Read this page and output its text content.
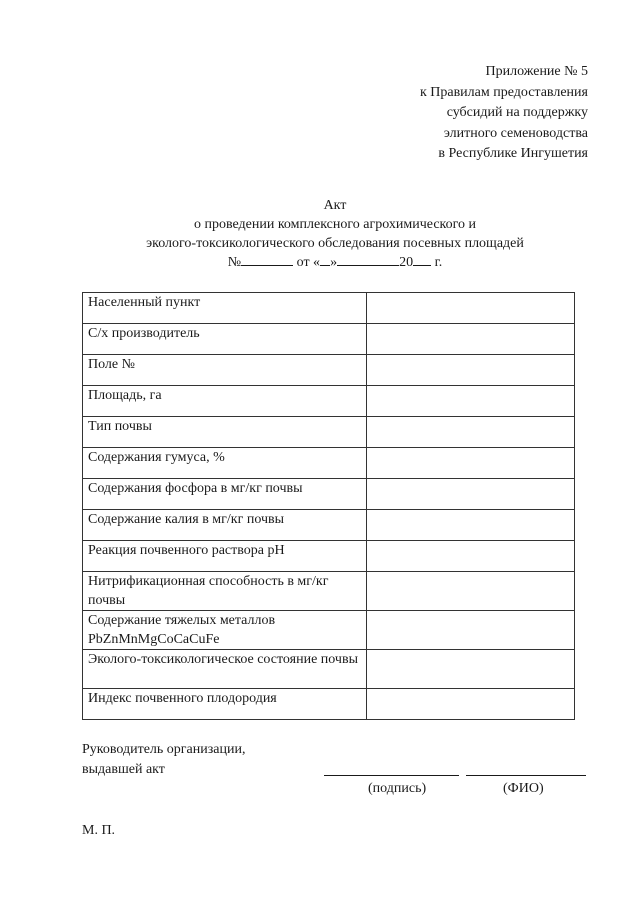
Приложение № 5
к Правилам предоставления
субсидий на поддержку
элитного семеноводства
в Республике Ингушетия
Акт
о проведении комплексного агрохимического и
эколого-токсикологического обследования посевных площадей
№	от « »	20 г.
Населенный пункт	
С/х производитель	
Поле №	
Площадь, га	
Тип почвы	
Содержания гумуса, %	
Содержания фосфора в мг/кг почвы	
Содержание калия в мг/кг почвы	
Реакция почвенного раствора pH	
Нитрификационная способность в мг/кг почвы	
Содержание тяжелых металлов PbZnMnMgCoCaCuFe	
Эколого-токсикологическое состояние почвы	
Индекс почвенного плодородия	
Руководитель организации,
выдавшей акт
(подпись)	(ФИО)
М. П.
